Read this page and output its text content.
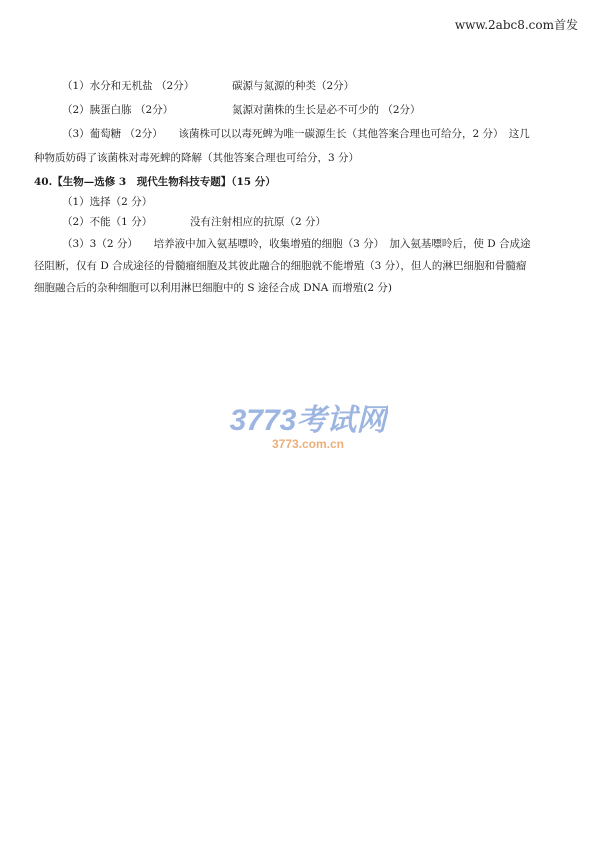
www.2abc8.com首发
（1）水分和无机盐 （2分）	碳源与氮源的种类（2分）
（2）胰蛋白胨 （2分）	氮源对菌株的生长是必不可少的 （2分）
（3）葡萄糖 （2分）　　该菌株可以以毒死蜱为唯一碳源生长（其他答案合理也可给分，2 分）　这几
种物质妨碍了该菌株对毒死蜱的降解（其他答案合理也可给分，3 分）
40.【生物—选修 3　现代生物科技专题】（15 分）
（1）选择（2 分）
（2）不能（1 分）	没有注射相应的抗原（2 分）
（3）3（2 分）　　培养液中加入氨基嘌呤，收集增殖的细胞（3 分）　加入氨基嘌呤后，使 D 合成途
径阻断，仅有 D 合成途径的骨髓瘤细胞及其彼此融合的细胞就不能增殖（3 分），但人的淋巴细胞和骨髓瘤
细胞融合后的杂种细胞可以利用淋巴细胞中的 S 途径合成 DNA 而增殖(2 分)
3773考试网
3773.com.cn
